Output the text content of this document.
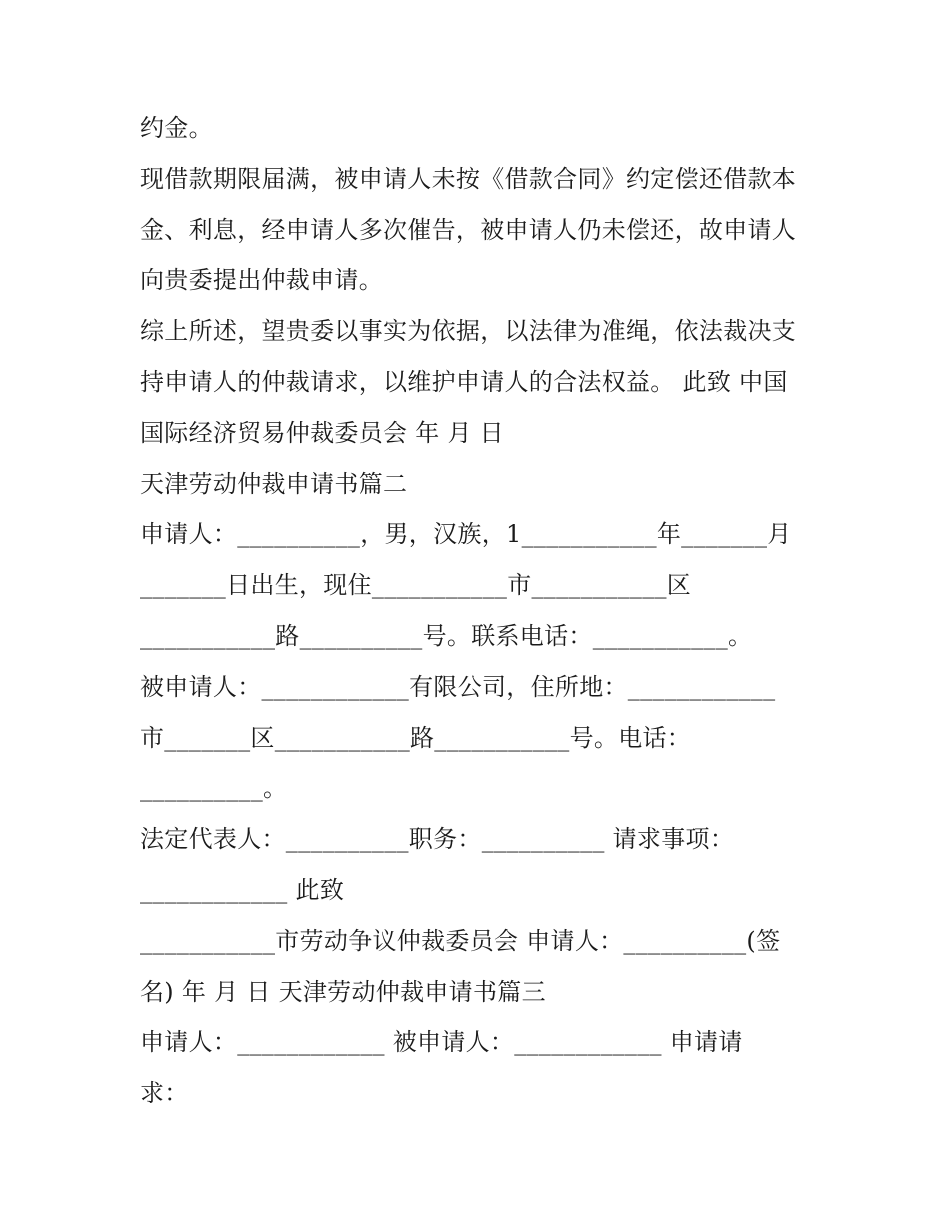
约金。
现借款期限届满，被申请人未按《借款合同》约定偿还借款本
金、利息，经申请人多次催告，被申请人仍未偿还，故申请人
向贵委提出仲裁申请。
综上所述，望贵委以事实为依据，以法律为准绳，依法裁决支
持申请人的仲裁请求，以维护申请人的合法权益。 此致 中国
国际经济贸易仲裁委员会 年 月 日
天津劳动仲裁申请书篇二
申请人：__________，男，汉族，1___________年_______月
_______日出生，现住___________市___________区
___________路__________号。联系电话：___________。
被申请人：____________有限公司，住所地：____________
市_______区___________路___________号。电话：
__________。
法定代表人：__________职务：__________ 请求事项：
____________ 此致
___________市劳动争议仲裁委员会 申请人：__________(签
名) 年 月 日 天津劳动仲裁申请书篇三
申请人：____________ 被申请人：____________ 申请请
求：
